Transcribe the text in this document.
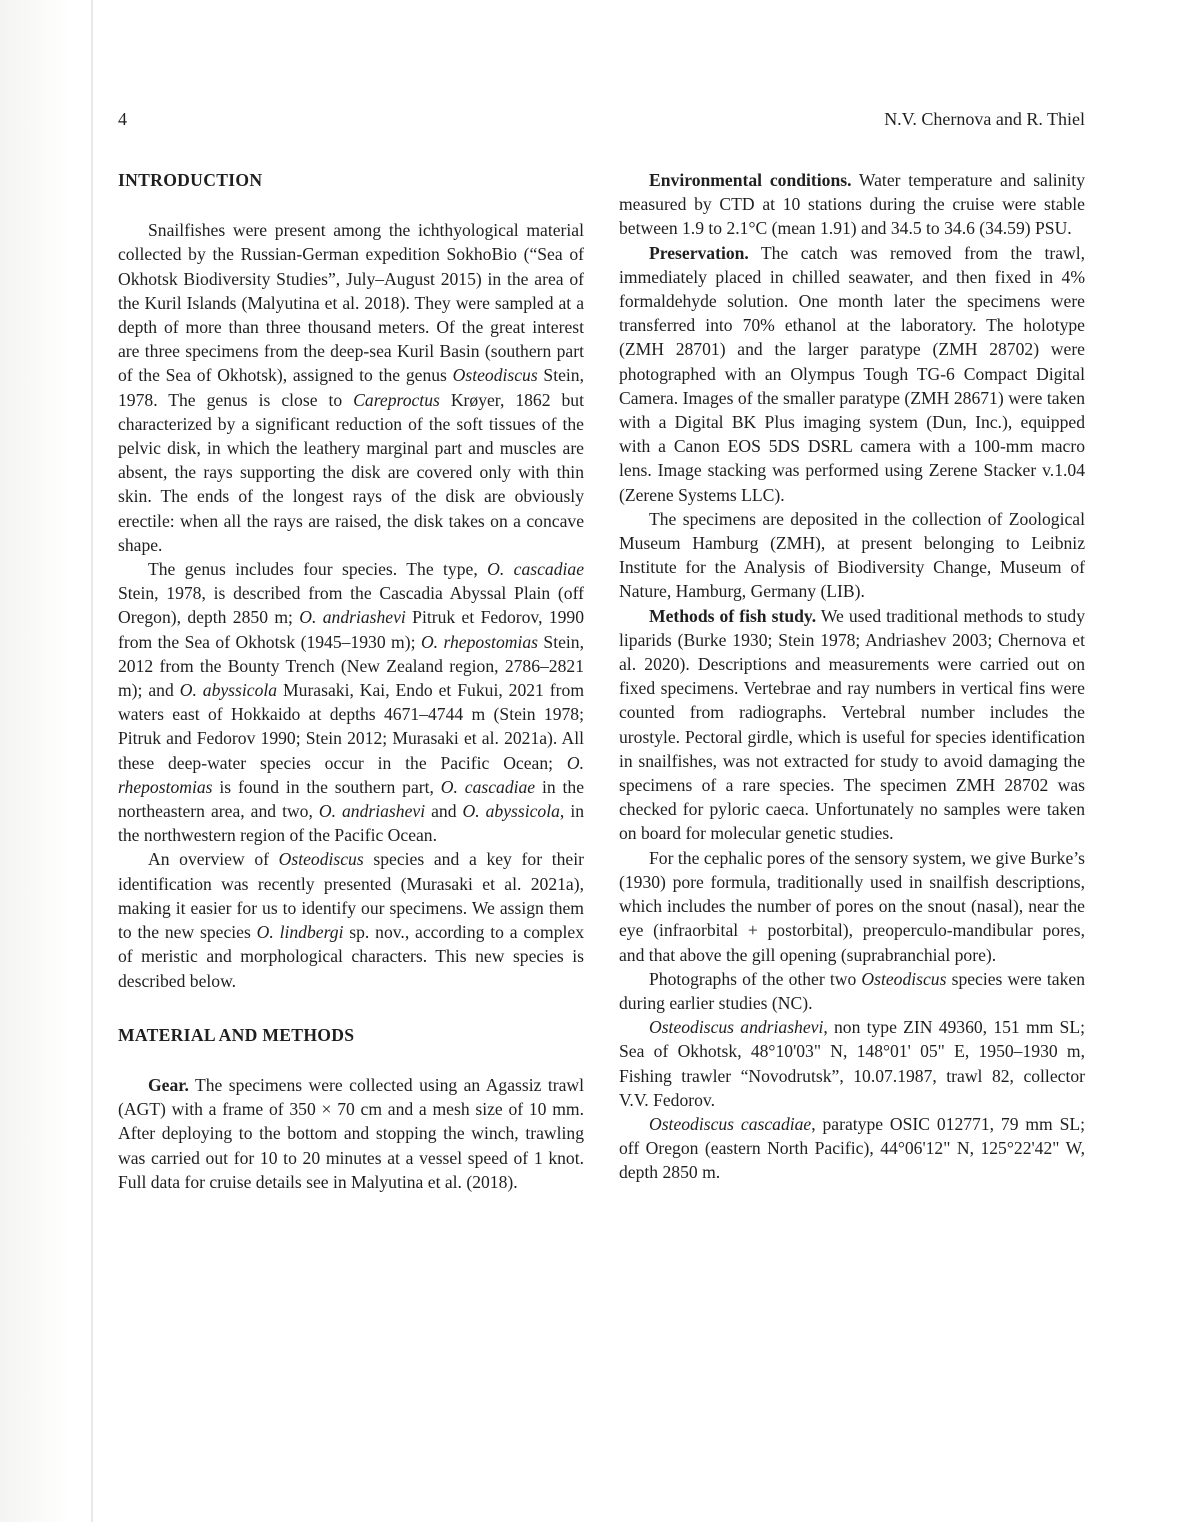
4	N.V. Chernova and R. Thiel
INTRODUCTION

Snailfishes were present among the ichthyological material collected by the Russian-German expedition SokhoBio (“Sea of Okhotsk Biodiversity Studies”, July–August 2015) in the area of the Kuril Islands (Malyutina et al. 2018). They were sampled at a depth of more than three thousand meters. Of the great interest are three specimens from the deep-sea Kuril Basin (southern part of the Sea of Okhotsk), assigned to the genus Osteodiscus Stein, 1978. The genus is close to Careproctus Krøyer, 1862 but characterized by a significant reduction of the soft tissues of the pelvic disk, in which the leathery marginal part and muscles are absent, the rays supporting the disk are covered only with thin skin. The ends of the longest rays of the disk are obviously erectile: when all the rays are raised, the disk takes on a concave shape.

The genus includes four species. The type, O. cascadiae Stein, 1978, is described from the Cascadia Abyssal Plain (off Oregon), depth 2850 m; O. andriashevi Pitruk et Fedorov, 1990 from the Sea of Okhotsk (1945–1930 m); O. rhepostomias Stein, 2012 from the Bounty Trench (New Zealand region, 2786–2821 m); and O. abyssicola Murasaki, Kai, Endo et Fukui, 2021 from waters east of Hokkaido at depths 4671–4744 m (Stein 1978; Pitruk and Fedorov 1990; Stein 2012; Murasaki et al. 2021a). All these deep-water species occur in the Pacific Ocean; O. rhepostomias is found in the southern part, O. cascadiae in the northeastern area, and two, O. andriashevi and O. abyssicola, in the northwestern region of the Pacific Ocean.

An overview of Osteodiscus species and a key for their identification was recently presented (Murasaki et al. 2021a), making it easier for us to identify our specimens. We assign them to the new species O. lindbergi sp. nov., according to a complex of meristic and morphological characters. This new species is described below.

MATERIAL AND METHODS

Gear. The specimens were collected using an Agassiz trawl (AGT) with a frame of 350 × 70 cm and a mesh size of 10 mm. After deploying to the bottom and stopping the winch, trawling was carried out for 10 to 20 minutes at a vessel speed of 1 knot. Full data for cruise details see in Malyutina et al. (2018).

Environmental conditions. Water temperature and salinity measured by CTD at 10 stations during the cruise were stable between 1.9 to 2.1°C (mean 1.91) and 34.5 to 34.6 (34.59) PSU.

Preservation. The catch was removed from the trawl, immediately placed in chilled seawater, and then fixed in 4% formaldehyde solution. One month later the specimens were transferred into 70% ethanol at the laboratory. The holotype (ZMH 28701) and the larger paratype (ZMH 28702) were photographed with an Olympus Tough TG-6 Compact Digital Camera. Images of the smaller paratype (ZMH 28671) were taken with a Digital BK Plus imaging system (Dun, Inc.), equipped with a Canon EOS 5DS DSRL camera with a 100-mm macro lens. Image stacking was performed using Zerene Stacker v.1.04 (Zerene Systems LLC).

The specimens are deposited in the collection of Zoological Museum Hamburg (ZMH), at present belonging to Leibniz Institute for the Analysis of Biodiversity Change, Museum of Nature, Hamburg, Germany (LIB).

Methods of fish study. We used traditional methods to study liparids (Burke 1930; Stein 1978; Andriashev 2003; Chernova et al. 2020). Descriptions and measurements were carried out on fixed specimens. Vertebrae and ray numbers in vertical fins were counted from radiographs. Vertebral number includes the urostyle. Pectoral girdle, which is useful for species identification in snailfishes, was not extracted for study to avoid damaging the specimens of a rare species. The specimen ZMH 28702 was checked for pyloric caeca. Unfortunately no samples were taken on board for molecular genetic studies.

For the cephalic pores of the sensory system, we give Burke’s (1930) pore formula, traditionally used in snailfish descriptions, which includes the number of pores on the snout (nasal), near the eye (infraorbital + postorbital), preoperculo-mandibular pores, and that above the gill opening (suprabranchial pore).

Photographs of the other two Osteodiscus species were taken during earlier studies (NC).

Osteodiscus andriashevi, non type ZIN 49360, 151 mm SL; Sea of Okhotsk, 48°10'03" N, 148°01' 05" E, 1950–1930 m, Fishing trawler “Novodrutsk”, 10.07.1987, trawl 82, collector V.V. Fedorov.

Osteodiscus cascadiae, paratype OSIC 012771, 79 mm SL; off Oregon (eastern North Pacific), 44°06'12" N, 125°22'42" W, depth 2850 m.
